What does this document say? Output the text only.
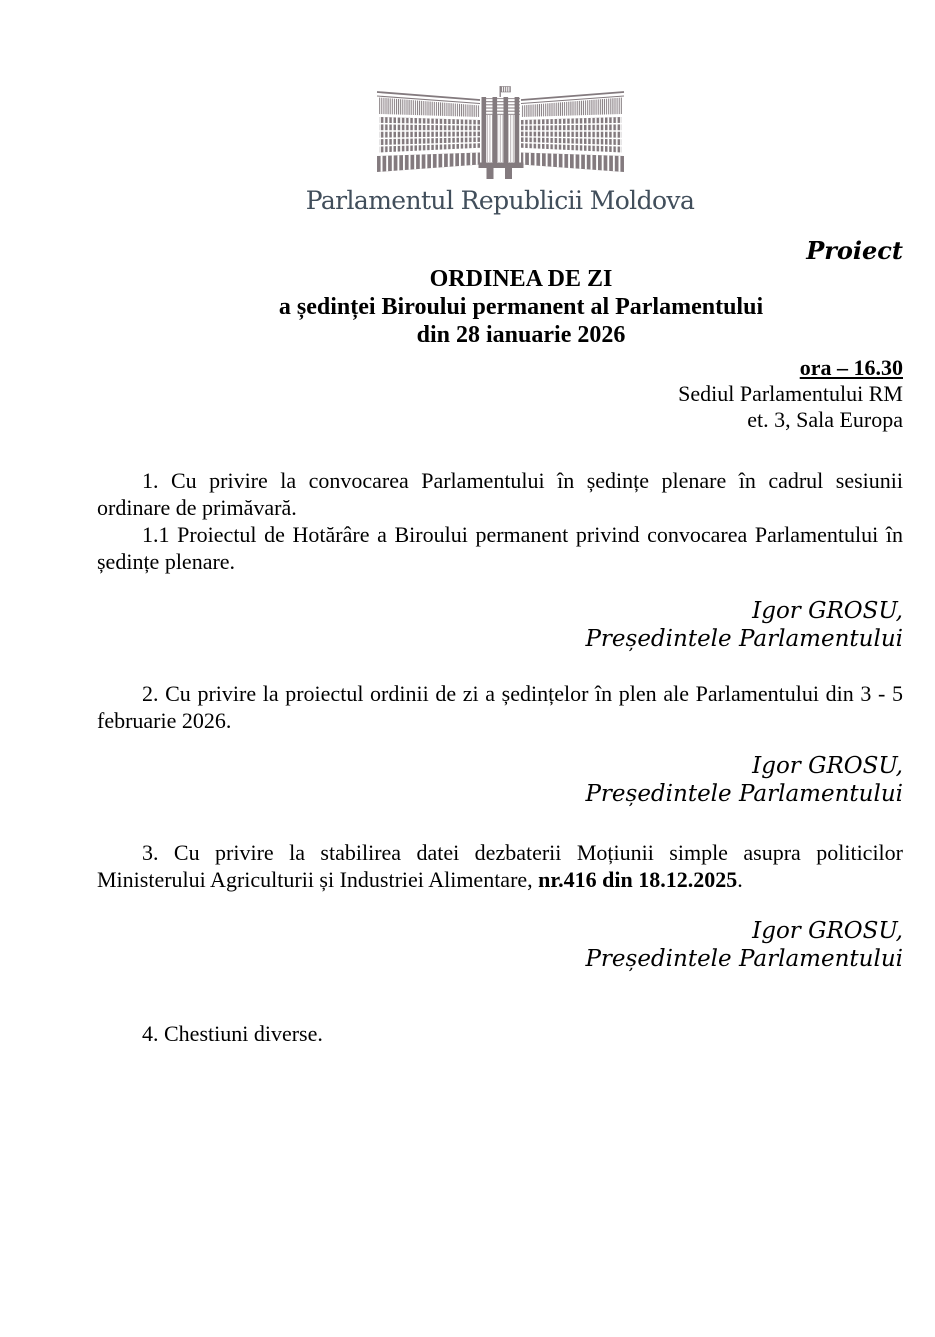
Parlamentul Republicii Moldova
Proiect
ORDINEA DE ZI
a ședinței Biroului permanent al Parlamentului
din 28 ianuarie 2026
ora – 16.30
Sediul Parlamentului RM
et. 3, Sala Europa

1. Cu privire la convocarea Parlamentului în ședințe plenare în cadrul sesiunii ordinare de primăvară.

1.1 Proiectul de Hotărâre a Biroului permanent privind convocarea Parlamentului în ședințe plenare.

Igor GROSU,
Președintele Parlamentului

2. Cu privire la proiectul ordinii de zi a ședințelor în plen ale Parlamentului din 3 - 5 februarie 2026.

Igor GROSU,
Președintele Parlamentului

3. Cu privire la stabilirea datei dezbaterii Moțiunii simple asupra politicilor Ministerului Agriculturii și Industriei Alimentare, nr.416 din 18.12.2025.

Igor GROSU,
Președintele Parlamentului

4. Chestiuni diverse.
